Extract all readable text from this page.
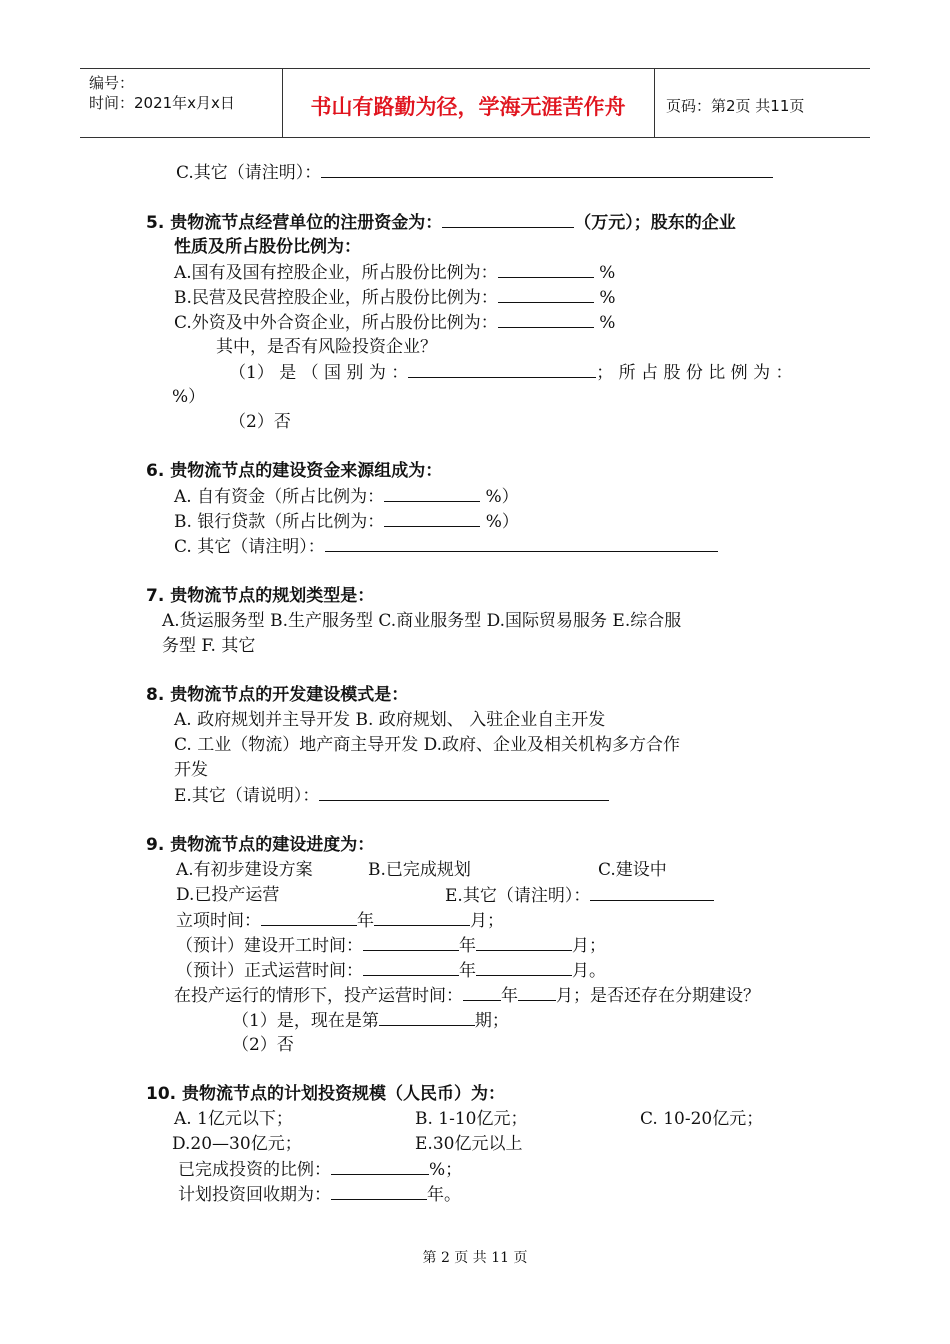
编号：
时间：2021年x月x日	书山有路勤为径，学海无涯苦作舟	页码：第2页 共11页
C.其它（请注明）：
5. 贵物流节点经营单位的注册资金为：	（万元）；股东的企业
性质及所占股份比例为：
A.国有及国有控股企业，所占股份比例为：	%
B.民营及民营控股企业，所占股份比例为：	%
C.外资及中外合资企业，所占股份比例为：	%
其中，是否有风险投资企业？
（1） 是 （ 国 别 为 ：	； 所 占 股 份 比 例 为 ：
%）
（2）否
6. 贵物流节点的建设资金来源组成为：
A. 自有资金（所占比例为：	%）
B. 银行贷款（所占比例为：	%）
C. 其它（请注明）：
7. 贵物流节点的规划类型是：
A.货运服务型 B.生产服务型 C.商业服务型 D.国际贸易服务 E.综合服
务型 F. 其它
8. 贵物流节点的开发建设模式是：
A. 政府规划并主导开发 B. 政府规划、 入驻企业自主开发
C. 工业（物流）地产商主导开发 D.政府、企业及相关机构多方合作
开发
E.其它（请说明）：
9. 贵物流节点的建设进度为：
A.有初步建设方案	B.已完成规划	C.建设中
D.已投产运营	E.其它（请注明）：
立项时间：	年	月；
（预计）建设开工时间：	年	月；
（预计）正式运营时间：	年	月。
在投产运行的情形下，投产运营时间： 年 月；是否还存在分期建设？
（1）是，现在是第	期；
（2）否
10. 贵物流节点的计划投资规模（人民币）为：
A. 1亿元以下；	B. 1-10亿元；	C. 10-20亿元；
D.20—30亿元；	E.30亿元以上
已完成投资的比例：	%；
计划投资回收期为：	年。
第 2 页 共 11 页
